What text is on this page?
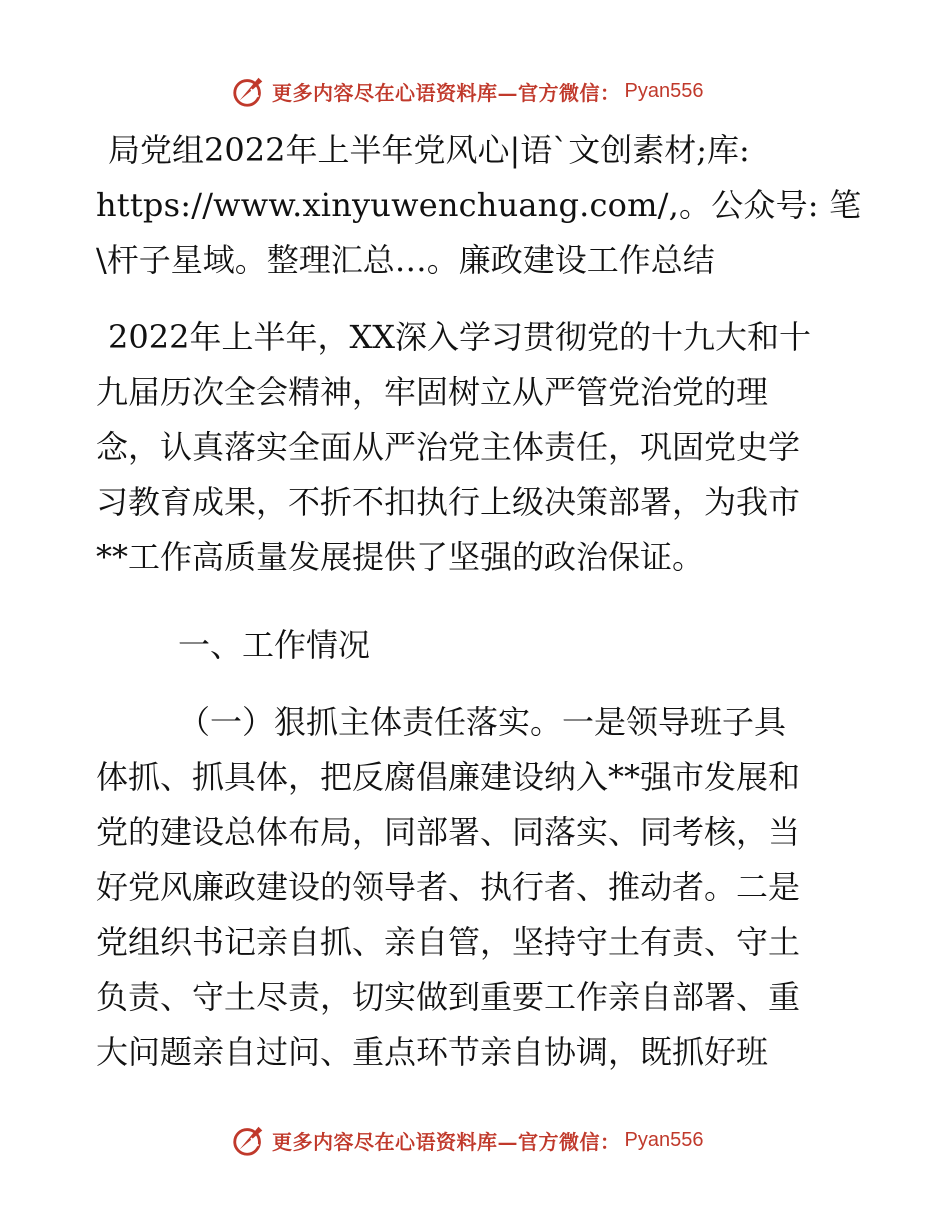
更多内容尽在心语资料库—官方微信： Pyan556
局党组2022年上半年党风心|语`文创素材;库:
https://www.xinyuwenchuang.com/,。公众号: 笔
\杆子星域。整理汇总…。廉政建设工作总结
2022年上半年，XX深入学习贯彻党的十九大和十
九届历次全会精神，牢固树立从严管党治党的理
念，认真落实全面从严治党主体责任，巩固党史学
习教育成果，不折不扣执行上级决策部署，为我市
**工作高质量发展提供了坚强的政治保证。
一、工作情况
（一）狠抓主体责任落实。一是领导班子具
体抓、抓具体，把反腐倡廉建设纳入**强市发展和
党的建设总体布局，同部署、同落实、同考核，当
好党风廉政建设的领导者、执行者、推动者。二是
党组织书记亲自抓、亲自管，坚持守土有责、守土
负责、守土尽责，切实做到重要工作亲自部署、重
大问题亲自过问、重点环节亲自协调，既抓好班
更多内容尽在心语资料库—官方微信： Pyan556
